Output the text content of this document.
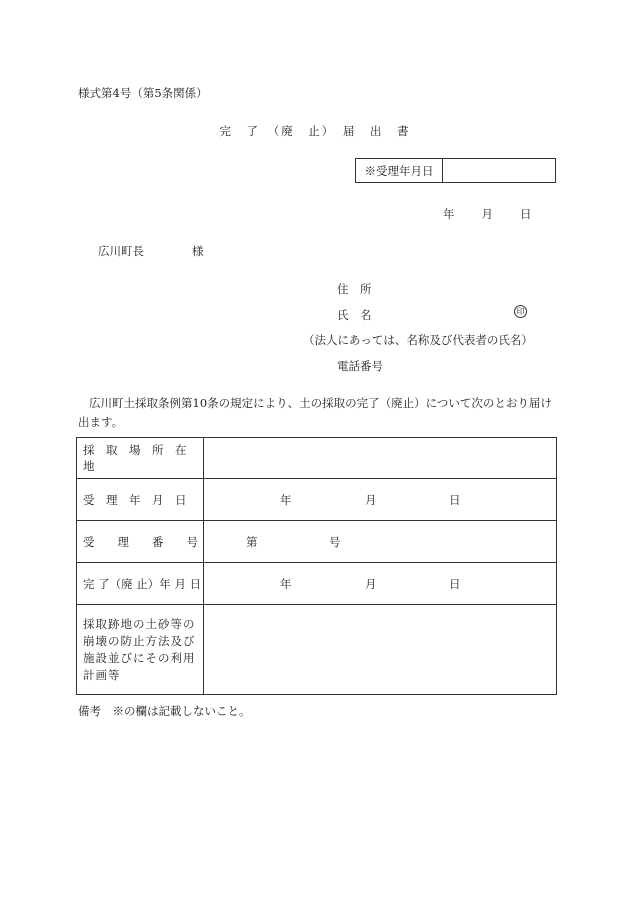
様式第4号（第5条関係）
完　了　（廃　止）　届　出　書
※受理年月日
年 月 日
広川町長	様
住　所
氏　名	印
（法人にあっては、名称及び代表者の氏名）
電話番号
広川町土採取条例第10条の規定により、土の採取の完了（廃止）について次のとおり届け出ます。
採　取　場　所　在　地	
受　理　年　月　日	年 月 日

受　　理　　番　　号	第 号

完 了（廃 止）年 月 日	年 月 日

採取跡地の土砂等の崩壊の防止方法及び施設並びにその利用計画等	
備考　※の欄は記載しないこと。
